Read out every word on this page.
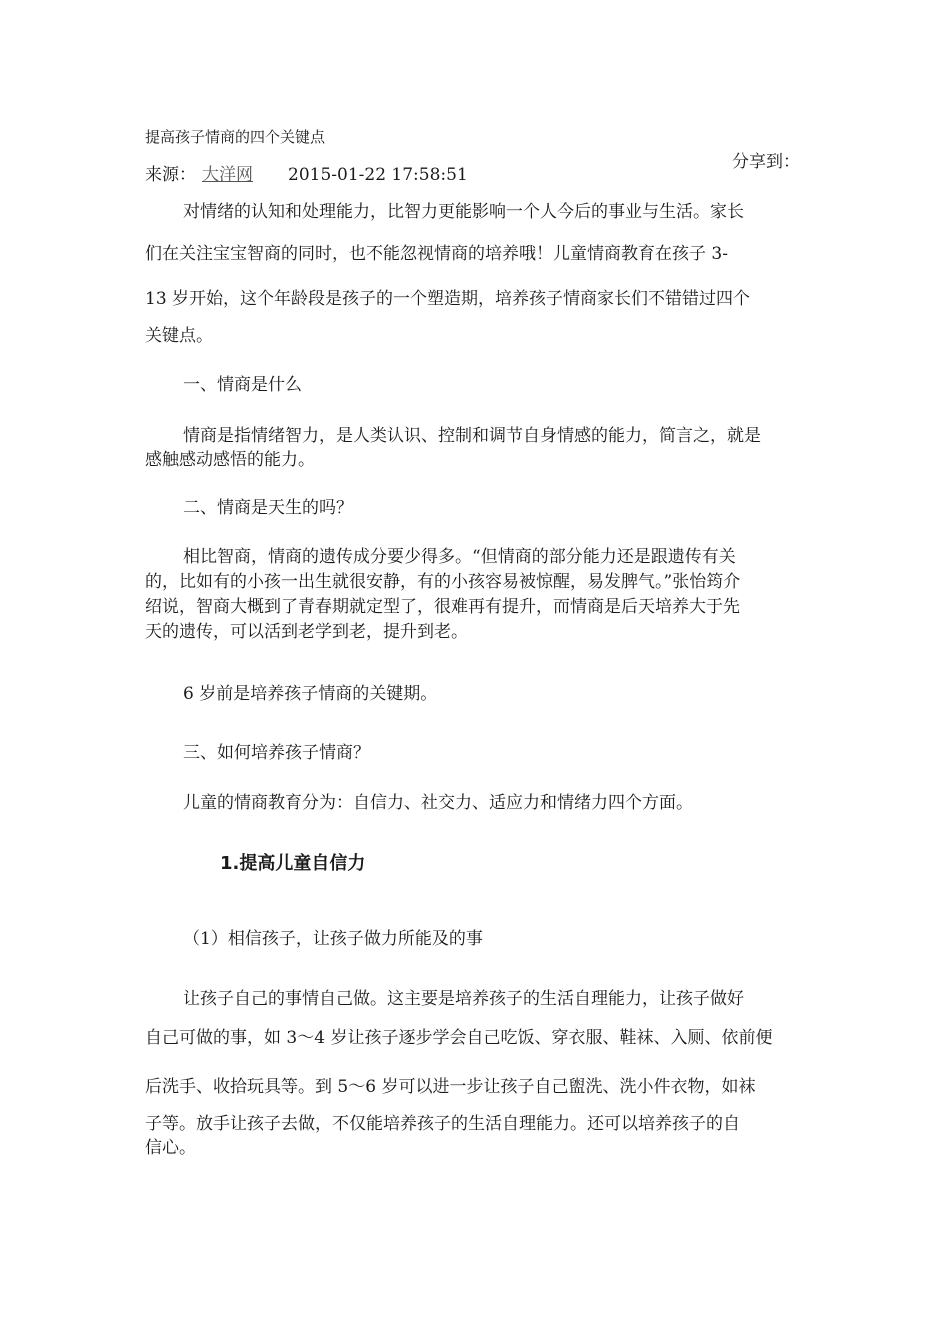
提高孩子情商的四个关键点
分享到：
来源： 大洋网 2015-01-22 17:58:51
对情绪的认知和处理能力，比智力更能影响一个人今后的事业与生活。家长
们在关注宝宝智商的同时，也不能忽视情商的培养哦！儿童情商教育在孩子 3-
13 岁开始，这个年龄段是孩子的一个塑造期，培养孩子情商家长们不错错过四个
关键点。
一、情商是什么
情商是指情绪智力，是人类认识、控制和调节自身情感的能力，简言之，就是
感触感动感悟的能力。
二、情商是天生的吗？
相比智商，情商的遗传成分要少得多。“但情商的部分能力还是跟遗传有关
的，比如有的小孩一出生就很安静，有的小孩容易被惊醒，易发脾气。”张怡筠介
绍说，智商大概到了青春期就定型了，很难再有提升，而情商是后天培养大于先
天的遗传，可以活到老学到老，提升到老。
6 岁前是培养孩子情商的关键期。
三、如何培养孩子情商？
儿童的情商教育分为：自信力、社交力、适应力和情绪力四个方面。
1.提高儿童自信力
（1）相信孩子，让孩子做力所能及的事
让孩子自己的事情自己做。这主要是培养孩子的生活自理能力，让孩子做好
自己可做的事，如 3～4 岁让孩子逐步学会自己吃饭、穿衣服、鞋袜、入厕、依前便
后洗手、收拾玩具等。到 5～6 岁可以进一步让孩子自己盥洗、洗小件衣物，如袜
子等。放手让孩子去做，不仅能培养孩子的生活自理能力。还可以培养孩子的自
信心。
